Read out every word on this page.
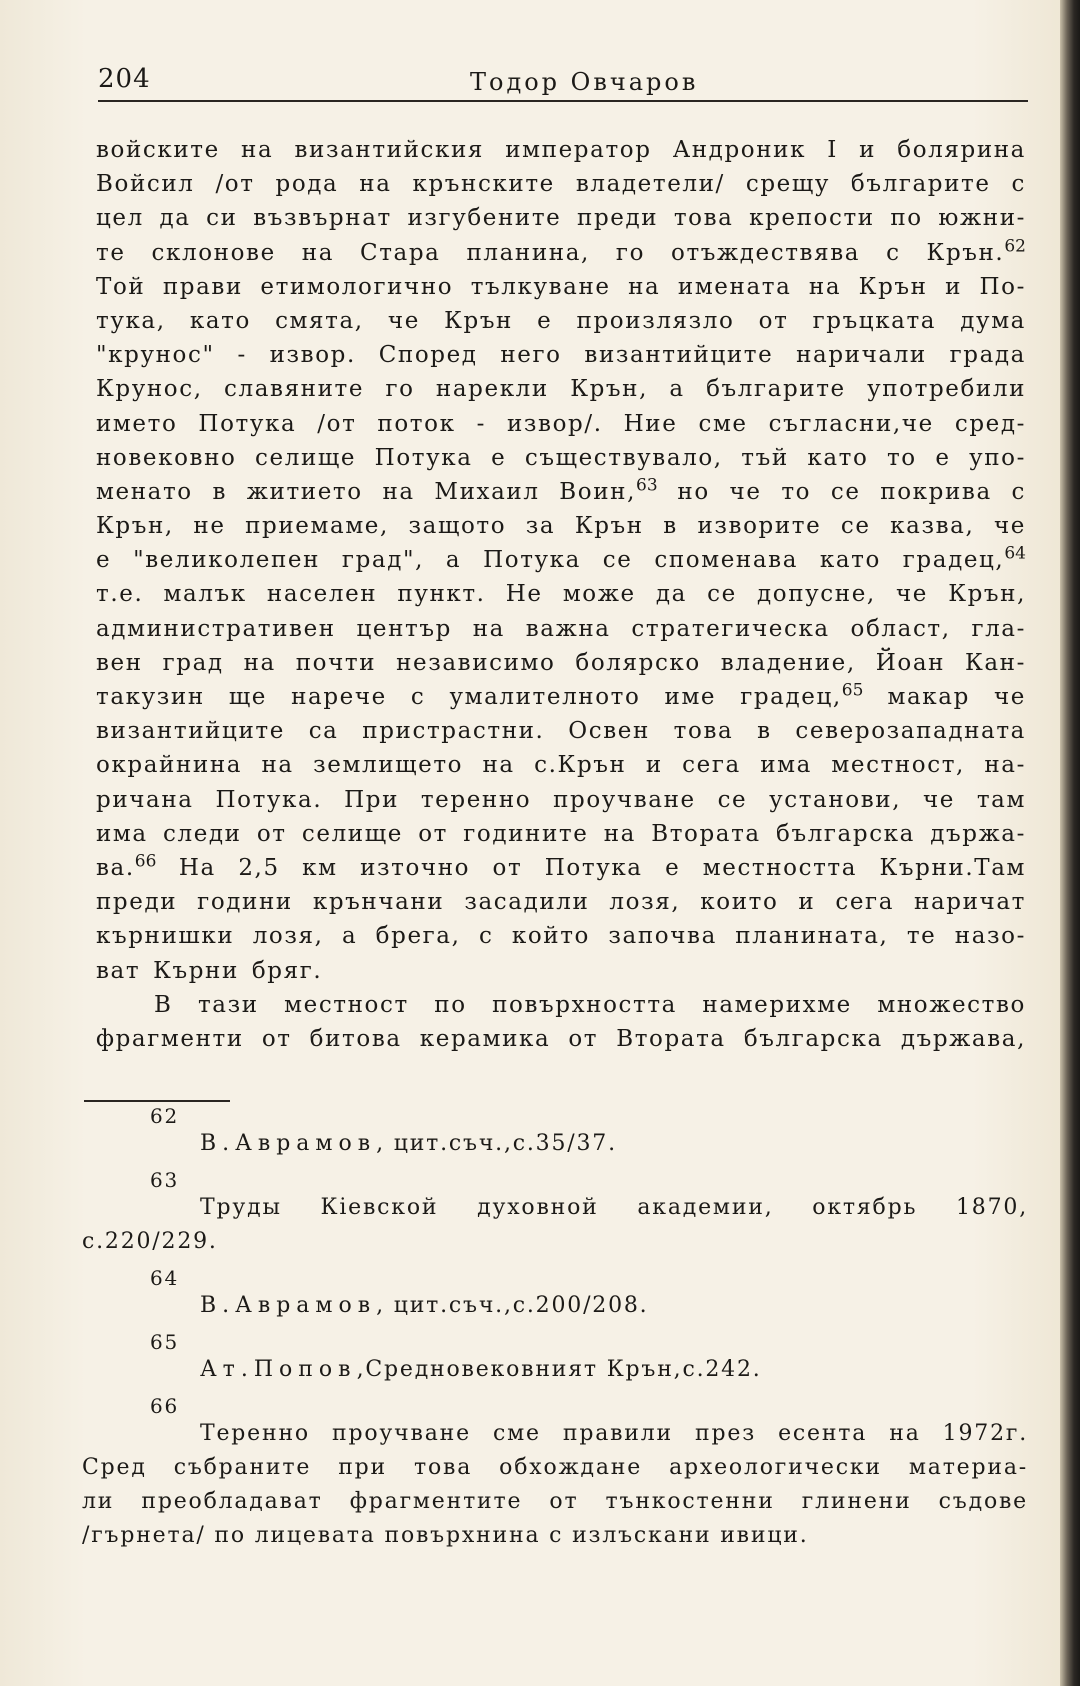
204	Тодор Овчаров
войските на византийския император Андроник I и болярина
Войсил /от рода на крънските владетели/ срещу българите с
цел да си възвърнат изгубените преди това крепости по южни-
те склонове на Стара планина, го отъждествява с Крън.$^{62}$
Той прави етимологично тълкуване на имената на Крън и По-
тука, като смята, че Крън е произлязло от гръцката дума
"крунос" - извор. Според него византийците наричали града
Крунос, славяните го нарекли Крън, а българите употребили
името Потука /от поток - извор/. Ние сме съгласни,че сред-
новековно селище Потука е съществувало, тъй като то е упо-
менато в житието на Михаил Воин,$^{63}$ но че то се покрива с
Крън, не приемаме, защото за Крън в изворите се казва, че
е "великолепен град", а Потука се споменава като градец,$^{64}$
т.е. малък населен пункт. Не може да се допусне, че Крън,
административен център на важна стратегическа област, гла-
вен град на почти независимо болярско владение, Йоан Кан-
такузин ще нарече с умалителното име градец,$^{65}$ макар че
византийците са пристрастни. Освен това в северозападната
окрайнина на землището на с.Крън и сега има местност, на-
ричана Потука. При теренно проучване се установи, че там
има следи от селище от годините на Втората българска държа-
ва.$^{66}$ На 2,5 км източно от Потука е местността Кърни.Там
преди години крънчани засадили лозя, които и сега наричат
кърнишки лозя, а брега, с който започва планината, те назо-
ват Кърни бряг.
В тази местност по повърхността намерихме множество
фрагменти от битова керамика от Втората българска държава,
62
В.Аврамов, цит.съч.,с.35/37.
63
Труды Кiевской духовной академии, октябрь 1870,
с.220/229.
64
В.Аврамов, цит.съч.,с.200/208.
65
Ат.Попов,Средновековният Крън,с.242.
66
Теренно проучване сме правили през есента на 1972г.
Сред събраните при това обхождане археологически материа-
ли преобладават фрагментите от тънкостенни глинени съдове
/гърнета/ по лицевата повърхнина с излъскани ивици.
